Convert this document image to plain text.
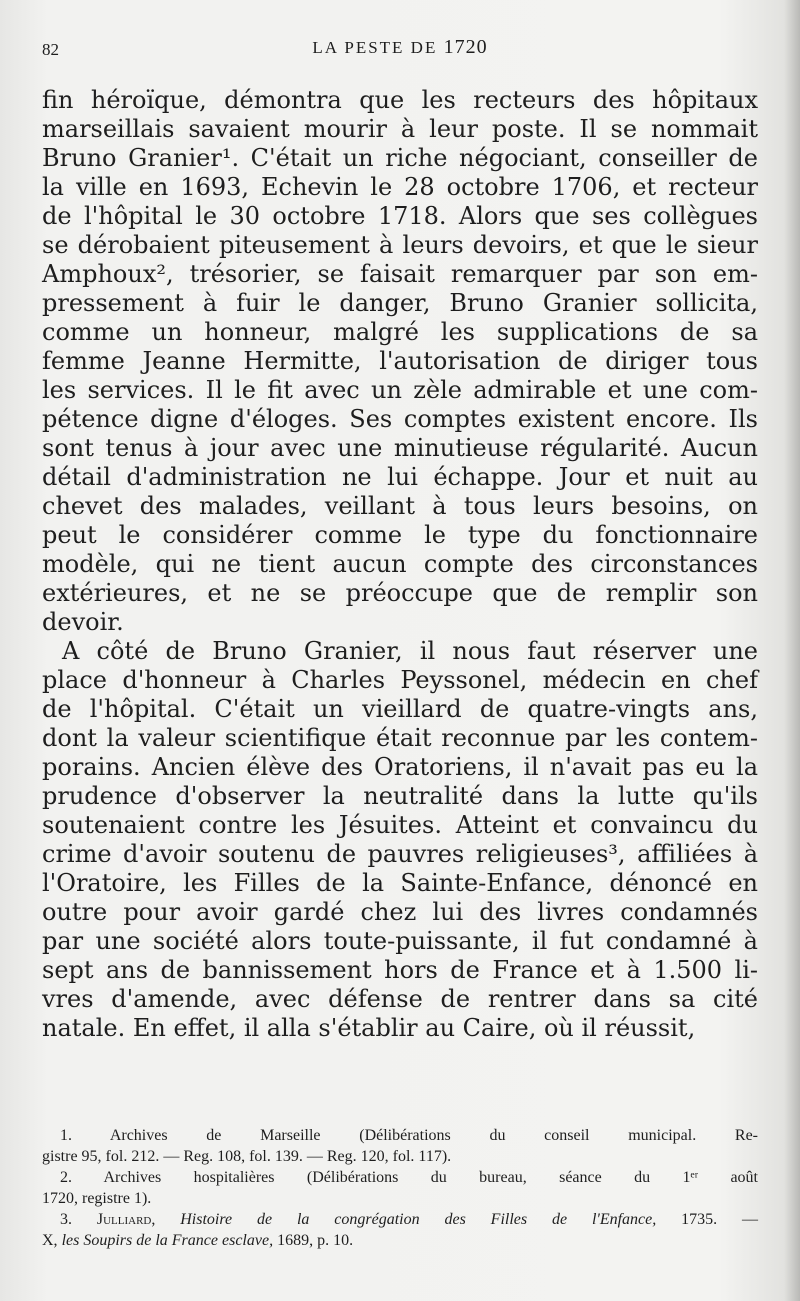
82	LA PESTE DE 1720
fin héroïque, démontra que les recteurs des hôpitaux
marseillais savaient mourir à leur poste. Il se nommait
Bruno Granier¹. C'était un riche négociant, conseiller de
la ville en 1693, Echevin le 28 octobre 1706, et recteur
de l'hôpital le 30 octobre 1718. Alors que ses collègues
se dérobaient piteusement à leurs devoirs, et que le sieur
Amphoux², trésorier, se faisait remarquer par son em-
pressement à fuir le danger, Bruno Granier sollicita,
comme un honneur, malgré les supplications de sa
femme Jeanne Hermitte, l'autorisation de diriger tous
les services. Il le fit avec un zèle admirable et une com-
pétence digne d'éloges. Ses comptes existent encore. Ils
sont tenus à jour avec une minutieuse régularité. Aucun
détail d'administration ne lui échappe. Jour et nuit au
chevet des malades, veillant à tous leurs besoins, on
peut le considérer comme le type du fonctionnaire
modèle, qui ne tient aucun compte des circonstances
extérieures, et ne se préoccupe que de remplir son
devoir.
A côté de Bruno Granier, il nous faut réserver une
place d'honneur à Charles Peyssonel, médecin en chef
de l'hôpital. C'était un vieillard de quatre-vingts ans,
dont la valeur scientifique était reconnue par les contem-
porains. Ancien élève des Oratoriens, il n'avait pas eu la
prudence d'observer la neutralité dans la lutte qu'ils
soutenaient contre les Jésuites. Atteint et convaincu du
crime d'avoir soutenu de pauvres religieuses³, affiliées à
l'Oratoire, les Filles de la Sainte-Enfance, dénoncé en
outre pour avoir gardé chez lui des livres condamnés
par une société alors toute-puissante, il fut condamné à
sept ans de bannissement hors de France et à 1.500 li-
vres d'amende, avec défense de rentrer dans sa cité
natale. En effet, il alla s'établir au Caire, où il réussit,
1. Archives de Marseille (Délibérations du conseil municipal. Re-
gistre 95, fol. 212. — Reg. 108, fol. 139. — Reg. 120, fol. 117).
2. Archives hospitalières (Délibérations du bureau, séance du 1ᵉʳ août
1720, registre 1).
3. Julliard, Histoire de la congrégation des Filles de l'Enfance, 1735. —
X, les Soupirs de la France esclave, 1689, p. 10.
